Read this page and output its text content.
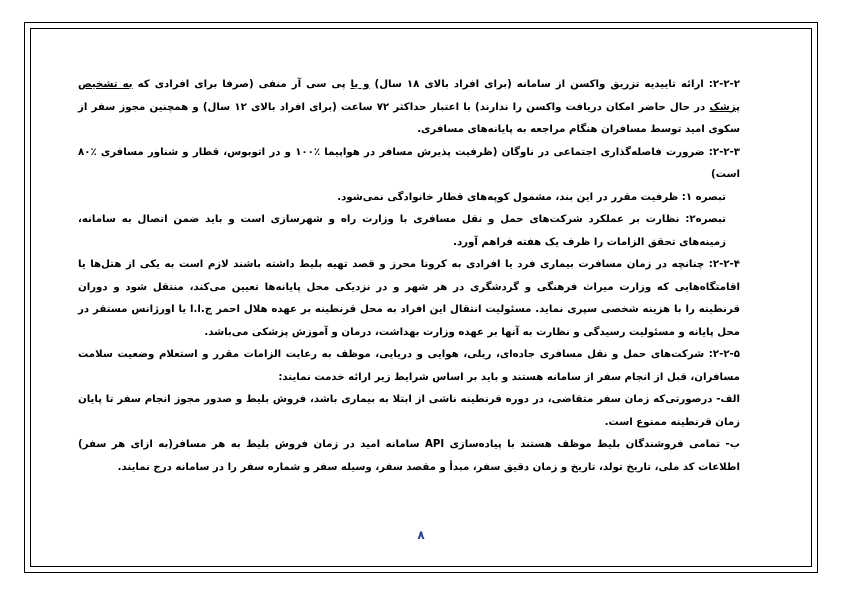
۲-۲-۲: ارائه تاییدیه تزریق واکسن از سامانه (برای افراد بالای ۱۸ سال) و یا پی سی آر منفی (صرفا برای افرادی که به تشخیص پزشک در حال حاضر امکان دریافت واکسن را ندارند) با اعتبار حداکثر ۷۲ ساعت (برای افراد بالای ۱۲ سال) و همچنین مجوز سفر از سکوی امید توسط مسافران هنگام مراجعه به پایانه‌های مسافری.

۲-۲-۳: ضرورت فاصله‌گذاری اجتماعی در ناوگان (ظرفیت پذیرش مسافر در هواپیما ٪۱۰۰ و در اتوبوس، قطار و شناور مسافری ٪۸۰ است)

تبصره ۱: ظرفیت مقرر در این بند، مشمول کوپه‌های قطار خانوادگی نمی‌شود.

تبصره۲: نظارت بر عملکرد شرکت‌های حمل و نقل مسافری با وزارت راه و شهرسازی است و باید ضمن اتصال به سامانه، زمینه‌های تحقق الزامات را ظرف یک هفته فراهم آورد.

۲-۲-۴: چنانچه در زمان مسافرت بیماری فرد یا افرادی به کرونا محرز و قصد تهیه بلیط داشته باشند لازم است به یکی از هتل‌ها یا اقامتگاه‌هایی که وزارت میراث فرهنگی و گردشگری در هر شهر و در نزدیکی محل پایانه‌ها تعیین می‌کند، منتقل شود و دوران قرنطینه را با هزینه شخصی سپری نماید. مسئولیت انتقال این افراد به محل قرنطینه بر عهده هلال احمر ج.ا.ا یا اورژانس مستقر در محل پایانه و مسئولیت رسیدگی و نظارت به آنها بر عهده وزارت بهداشت، درمان و آموزش پزشکی می‌باشد.

۲-۲-۵: شرکت‌های حمل و نقل مسافری جاده‌ای، ریلی، هوایی و دریایی، موظف به رعایت الزامات مقرر و استعلام وضعیت سلامت مسافران، قبل از انجام سفر از سامانه هستند و باید بر اساس شرایط زیر ارائه خدمت نمایند:

الف- درصورتی‌که زمان سفر متقاضی، در دوره قرنطینه ناشی از ابتلا به بیماری باشد، فروش بلیط و صدور مجوز انجام سفر تا پایان زمان قرنطینه ممنوع است.

ب- تمامی فروشندگان بلیط موظف هستند با پیاده‌سازی API سامانه امید در زمان فروش بلیط به هر مسافر(به ازای هر سفر) اطلاعات کد ملی، تاریخ تولد، تاریخ و زمان دقیق سفر، مبدأ و مقصد سفر، وسیله سفر و شماره سفر را در سامانه درج نمایند.

۸
